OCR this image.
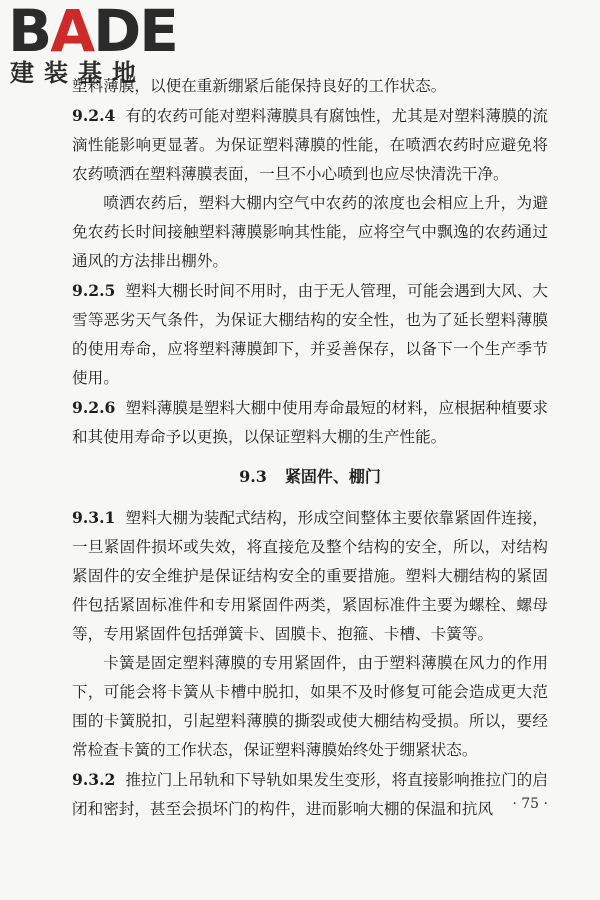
BADE
建装基地

塑料薄膜，以便在重新绷紧后能保持良好的工作状态。

9.2.4 有的农药可能对塑料薄膜具有腐蚀性，尤其是对塑料薄膜的流滴性能影响更显著。为保证塑料薄膜的性能，在喷洒农药时应避免将农药喷洒在塑料薄膜表面，一旦不小心喷到也应尽快清洗干净。

喷洒农药后，塑料大棚内空气中农药的浓度也会相应上升，为避免农药长时间接触塑料薄膜影响其性能，应将空气中飘逸的农药通过通风的方法排出棚外。

9.2.5 塑料大棚长时间不用时，由于无人管理，可能会遇到大风、大雪等恶劣天气条件，为保证大棚结构的安全性，也为了延长塑料薄膜的使用寿命，应将塑料薄膜卸下，并妥善保存，以备下一个生产季节使用。

9.2.6 塑料薄膜是塑料大棚中使用寿命最短的材料，应根据种植要求和其使用寿命予以更换，以保证塑料大棚的生产性能。

9.3 紧固件、棚门

9.3.1 塑料大棚为装配式结构，形成空间整体主要依靠紧固件连接，一旦紧固件损坏或失效，将直接危及整个结构的安全，所以，对结构紧固件的安全维护是保证结构安全的重要措施。塑料大棚结构的紧固件包括紧固标准件和专用紧固件两类，紧固标准件主要为螺栓、螺母等，专用紧固件包括弹簧卡、固膜卡、抱箍、卡槽、卡簧等。

卡簧是固定塑料薄膜的专用紧固件，由于塑料薄膜在风力的作用下，可能会将卡簧从卡槽中脱扣，如果不及时修复可能会造成更大范围的卡簧脱扣，引起塑料薄膜的撕裂或使大棚结构受损。所以，要经常检查卡簧的工作状态，保证塑料薄膜始终处于绷紧状态。

9.3.2 推拉门上吊轨和下导轨如果发生变形，将直接影响推拉门的启闭和密封，甚至会损坏门的构件，进而影响大棚的保温和抗风	· 75 ·
